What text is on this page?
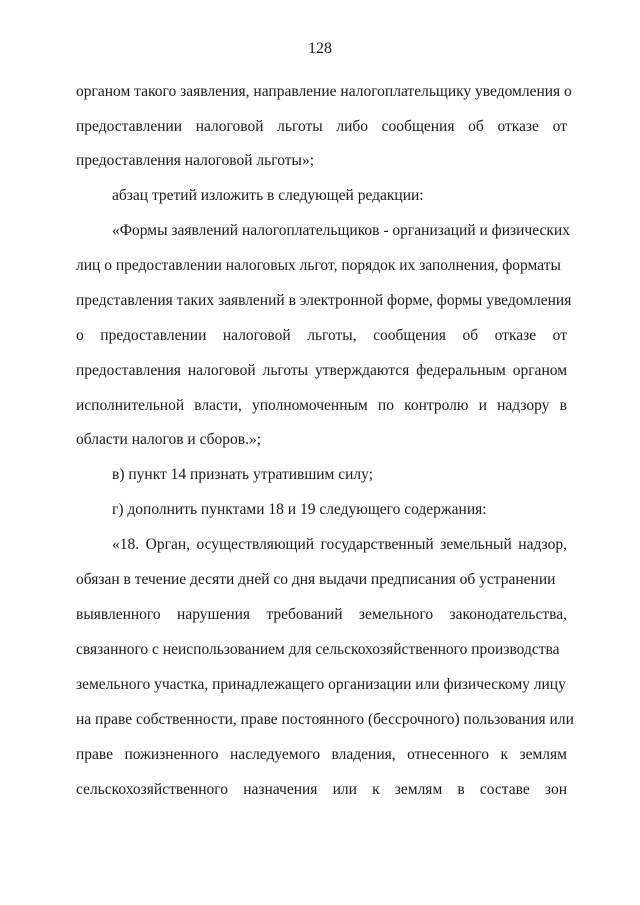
128
органом такого заявления, направление налогоплательщику уведомления о
предоставлении налоговой льготы либо сообщения об отказе от
предоставления налоговой льготы»;
абзац третий изложить в следующей редакции:
«Формы заявлений налогоплательщиков - организаций и физических
лиц о предоставлении налоговых льгот, порядок их заполнения, форматы
представления таких заявлений в электронной форме, формы уведомления
о предоставлении налоговой льготы, сообщения об отказе от
предоставления налоговой льготы утверждаются федеральным органом
исполнительной власти, уполномоченным по контролю и надзору в
области налогов и сборов.»;
в) пункт 14 признать утратившим силу;
г) дополнить пунктами 18 и 19 следующего содержания:
«18. Орган, осуществляющий государственный земельный надзор,
обязан в течение десяти дней со дня выдачи предписания об устранении
выявленного нарушения требований земельного законодательства,
связанного с неиспользованием для сельскохозяйственного производства
земельного участка, принадлежащего организации или физическому лицу
на праве собственности, праве постоянного (бессрочного) пользования или
праве пожизненного наследуемого владения, отнесенного к землям
сельскохозяйственного назначения или к землям в составе зон
